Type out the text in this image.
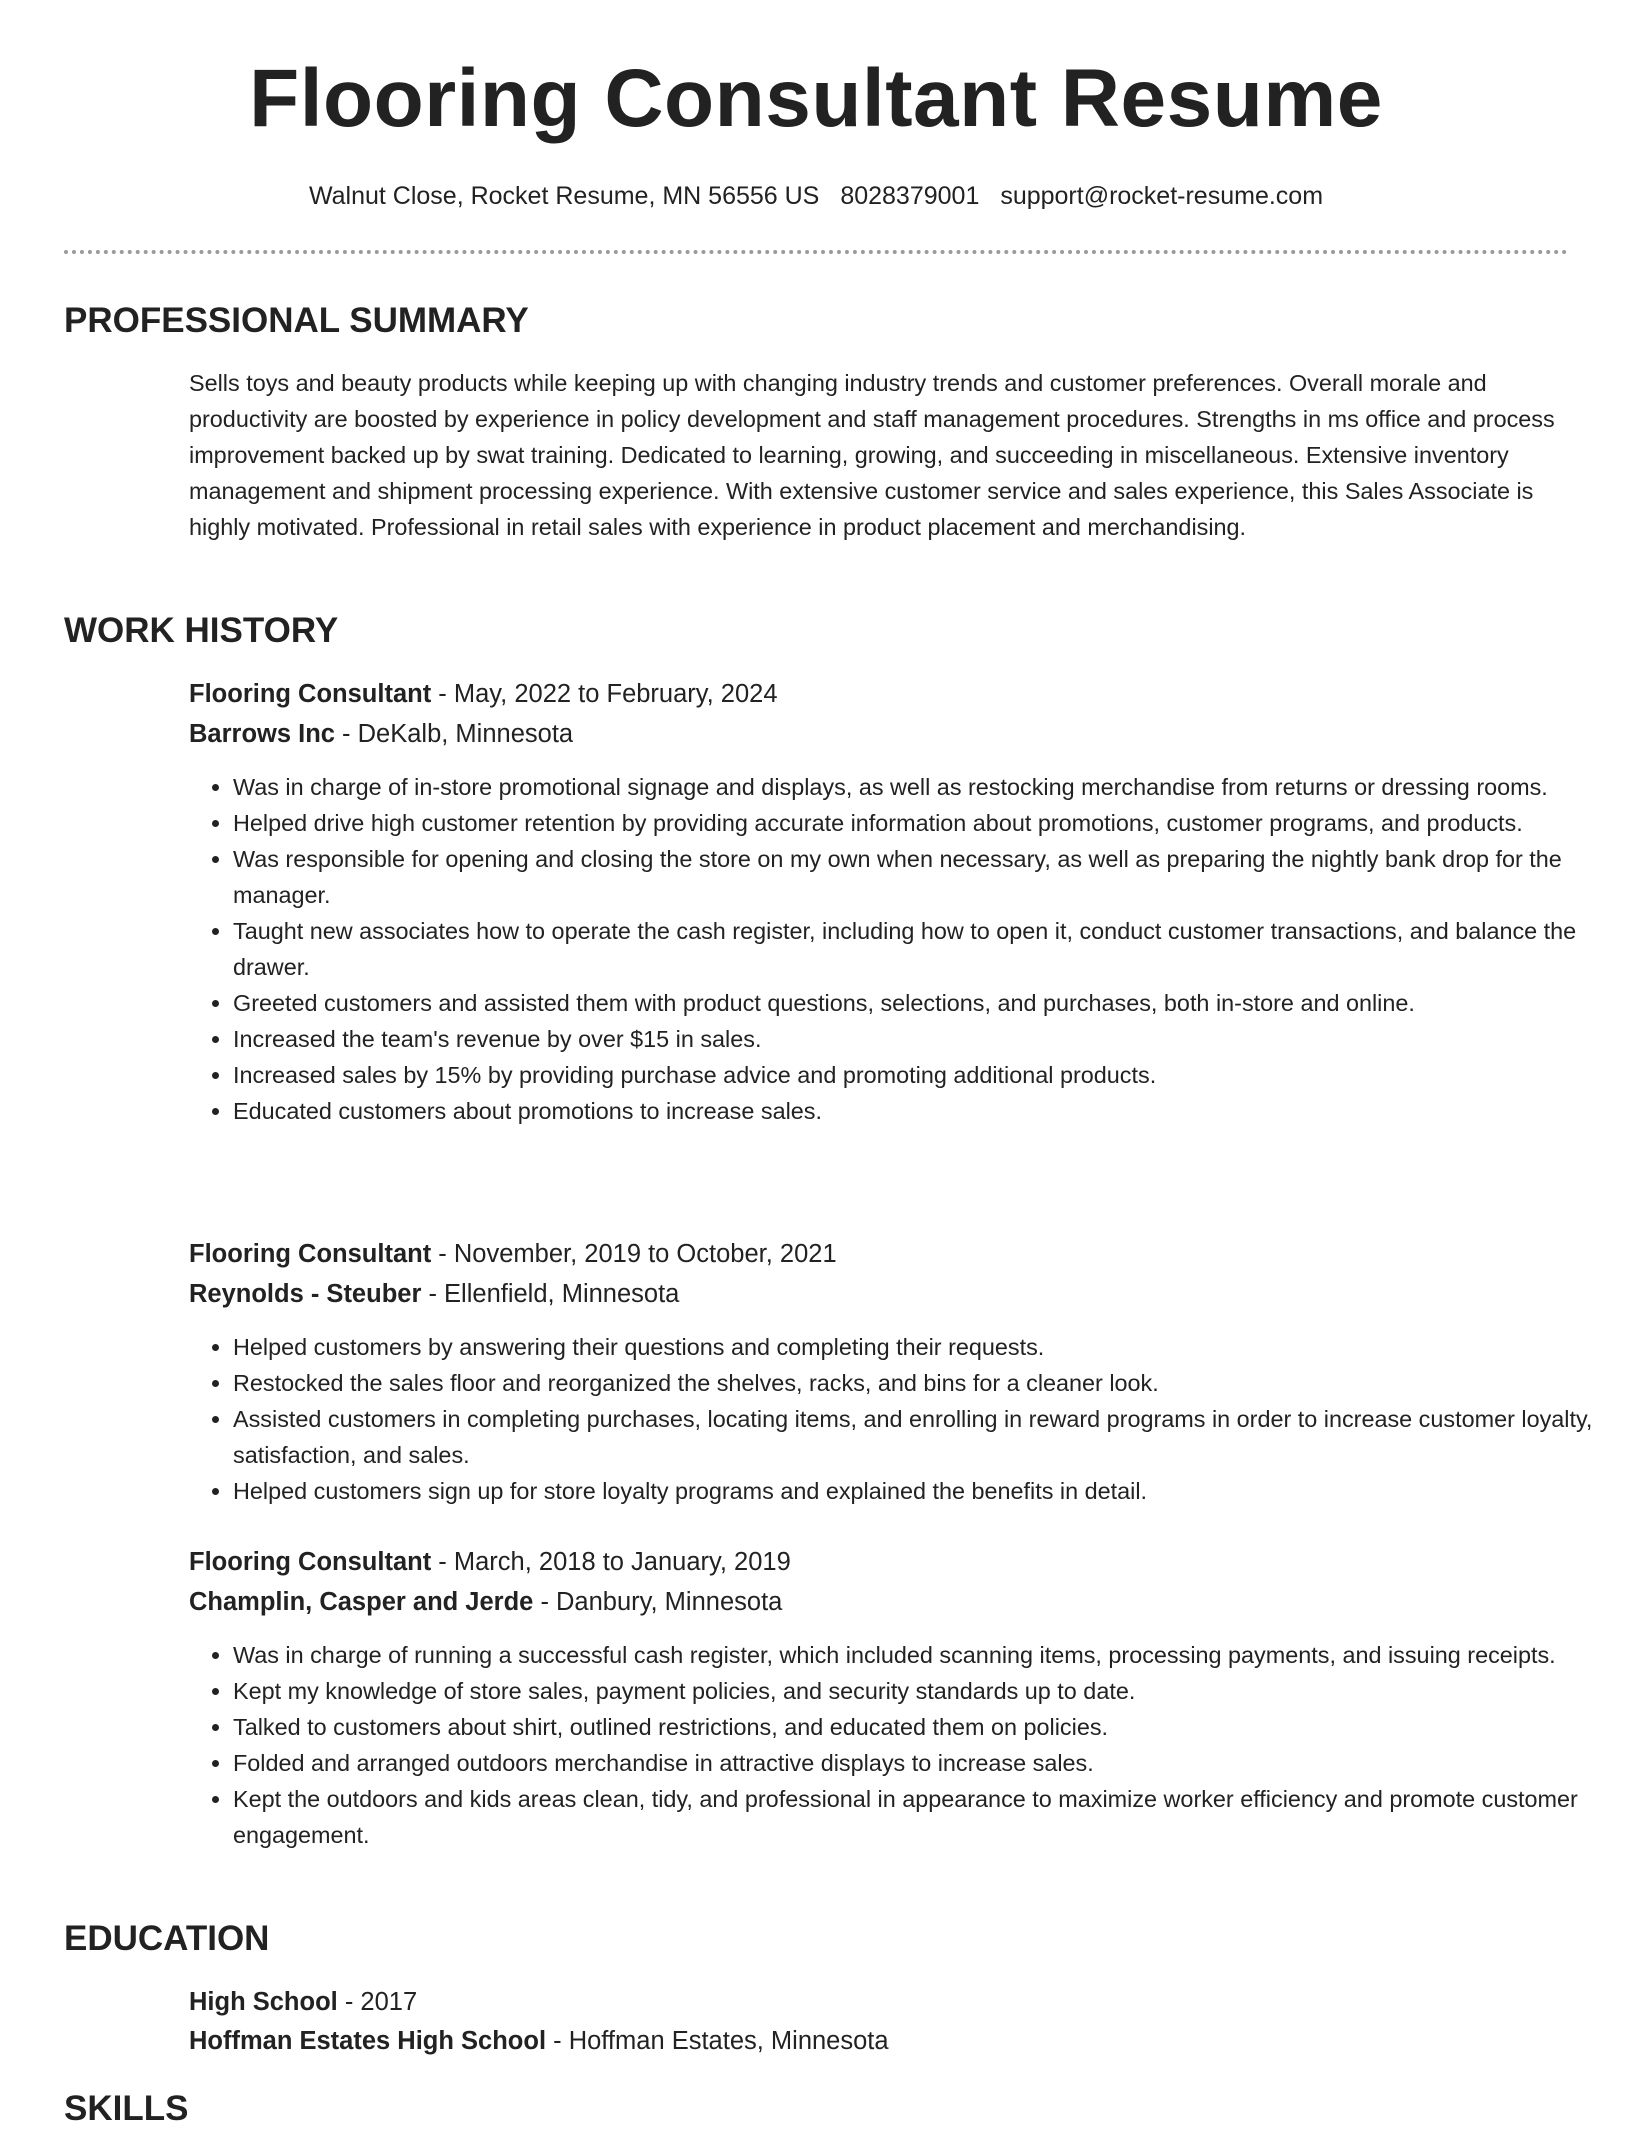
Flooring Consultant Resume
Walnut Close, Rocket Resume, MN 56556 US 8028379001 support@rocket-resume.com
PROFESSIONAL SUMMARY

Sells toys and beauty products while keeping up with changing industry trends and customer preferences. Overall morale and productivity are boosted by experience in policy development and staff management procedures. Strengths in ms office and process improvement backed up by swat training. Dedicated to learning, growing, and succeeding in miscellaneous. Extensive inventory management and shipment processing experience. With extensive customer service and sales experience, this Sales Associate is highly motivated. Professional in retail sales with experience in product placement and merchandising.

WORK HISTORY
Flooring Consultant - May, 2022 to February, 2024
Barrows Inc - DeKalb, Minnesota
• Was in charge of in-store promotional signage and displays, as well as restocking merchandise from returns or dressing rooms.
• Helped drive high customer retention by providing accurate information about promotions, customer programs, and products.
• Was responsible for opening and closing the store on my own when necessary, as well as preparing the nightly bank drop for the manager.
• Taught new associates how to operate the cash register, including how to open it, conduct customer transactions, and balance the drawer.
• Greeted customers and assisted them with product questions, selections, and purchases, both in-store and online.
• Increased the team's revenue by over $15 in sales.
• Increased sales by 15% by providing purchase advice and promoting additional products.
• Educated customers about promotions to increase sales.
Flooring Consultant - November, 2019 to October, 2021
Reynolds - Steuber - Ellenfield, Minnesota
• Helped customers by answering their questions and completing their requests.
• Restocked the sales floor and reorganized the shelves, racks, and bins for a cleaner look.
• Assisted customers in completing purchases, locating items, and enrolling in reward programs in order to increase customer loyalty, satisfaction, and sales.
• Helped customers sign up for store loyalty programs and explained the benefits in detail.
Flooring Consultant - March, 2018 to January, 2019
Champlin, Casper and Jerde - Danbury, Minnesota
• Was in charge of running a successful cash register, which included scanning items, processing payments, and issuing receipts.
• Kept my knowledge of store sales, payment policies, and security standards up to date.
• Talked to customers about shirt, outlined restrictions, and educated them on policies.
• Folded and arranged outdoors merchandise in attractive displays to increase sales.
• Kept the outdoors and kids areas clean, tidy, and professional in appearance to maximize worker efficiency and promote customer engagement.
EDUCATION
High School - 2017
Hoffman Estates High School - Hoffman Estates, Minnesota
SKILLS
